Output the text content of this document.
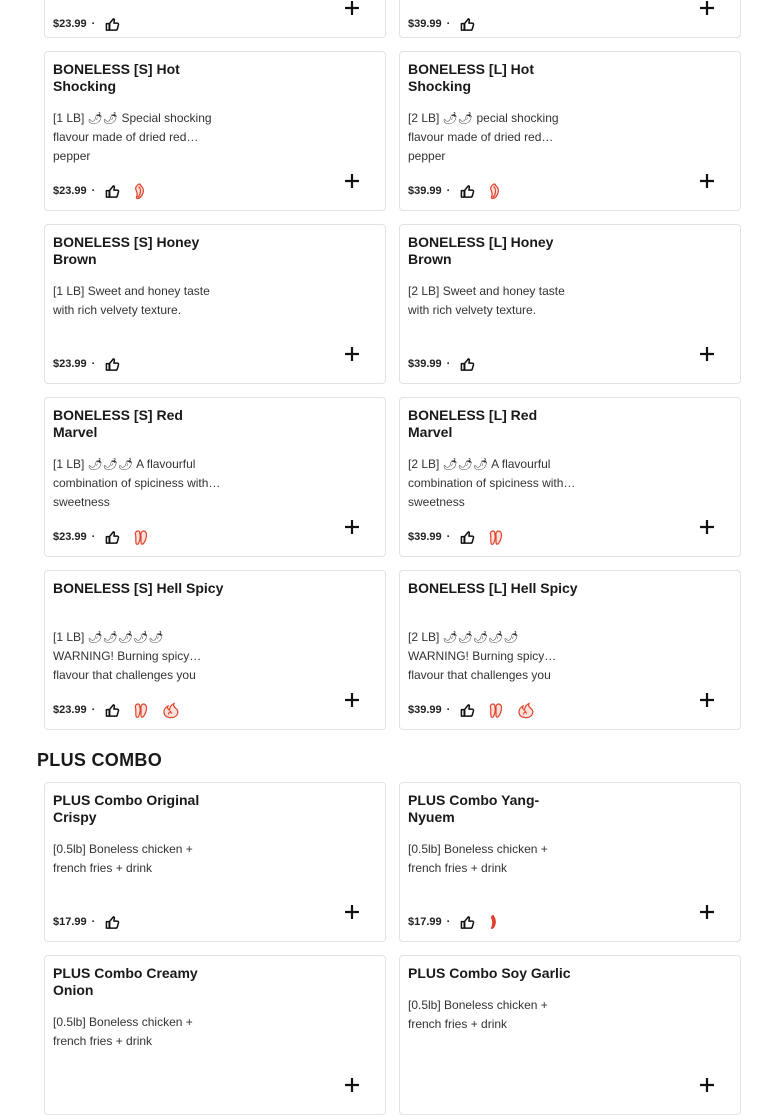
$23.99 ·	$39.99 ·
BONELESS [S] Hot Shocking
[1 LB] 🌶🌶 Special shocking flavour made of dried red pepper
$23.99 ·
BONELESS [L] Hot Shocking
[2 LB] 🌶🌶 pecial shocking flavour made of dried red pepper
$39.99 ·
BONELESS [S] Honey Brown
[1 LB] Sweet and honey taste with rich velvety texture.
$23.99 ·
BONELESS [L] Honey Brown
[2 LB] Sweet and honey taste with rich velvety texture.
$39.99 ·
BONELESS [S] Red Marvel
[1 LB] 🌶🌶🌶 A flavourful combination of spiciness with sweetness
$23.99 ·
BONELESS [L] Red Marvel
[2 LB] 🌶🌶🌶 A flavourful combination of spiciness with sweetness
$39.99 ·
BONELESS [S] Hell Spicy
[1 LB] 🌶🌶🌶🌶🌶 WARNING! Burning spicy flavour that challenges you
$23.99 ·
BONELESS [L] Hell Spicy
[2 LB] 🌶🌶🌶🌶🌶 WARNING! Burning spicy flavour that challenges you
$39.99 ·
PLUS COMBO
PLUS Combo Original Crispy
[0.5lb] Boneless chicken + french fries + drink
$17.99 ·
PLUS Combo Yang-Nyuem
[0.5lb] Boneless chicken + french fries + drink
$17.99 ·
PLUS Combo Creamy Onion
[0.5lb] Boneless chicken + french fries + drink
PLUS Combo Soy Garlic
[0.5lb] Boneless chicken + french fries + drink
